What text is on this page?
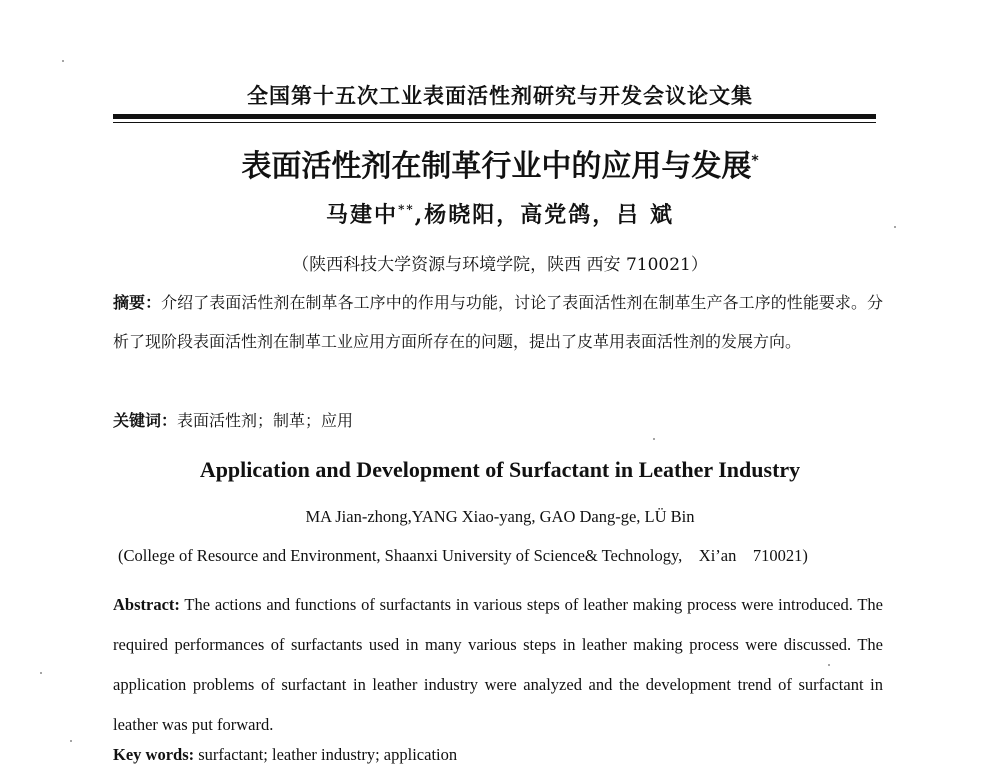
全国第十五次工业表面活性剂研究与开发会议论文集
表面活性剂在制革行业中的应用与发展*
马建中**,杨晓阳，高党鸽，吕 斌
（陕西科技大学资源与环境学院，陕西 西安 710021）
摘要：介绍了表面活性剂在制革各工序中的作用与功能，讨论了表面活性剂在制革生产各工序的性能要求。分析了现阶段表面活性剂在制革工业应用方面所存在的问题，提出了皮革用表面活性剂的发展方向。
关键词：表面活性剂；制革；应用
Application and Development of Surfactant in Leather Industry
MA Jian-zhong,YANG Xiao-yang, GAO Dang-ge, LÜ Bin
(College of Resource and Environment, Shaanxi University of Science& Technology,    Xi’an    710021)
Abstract: The actions and functions of surfactants in various steps of leather making process were introduced. The required performances of surfactants used in many various steps in leather making process were discussed. The application problems of surfactant in leather industry were analyzed and the development trend of surfactant in leather was put forward.
Key words: surfactant; leather industry; application
